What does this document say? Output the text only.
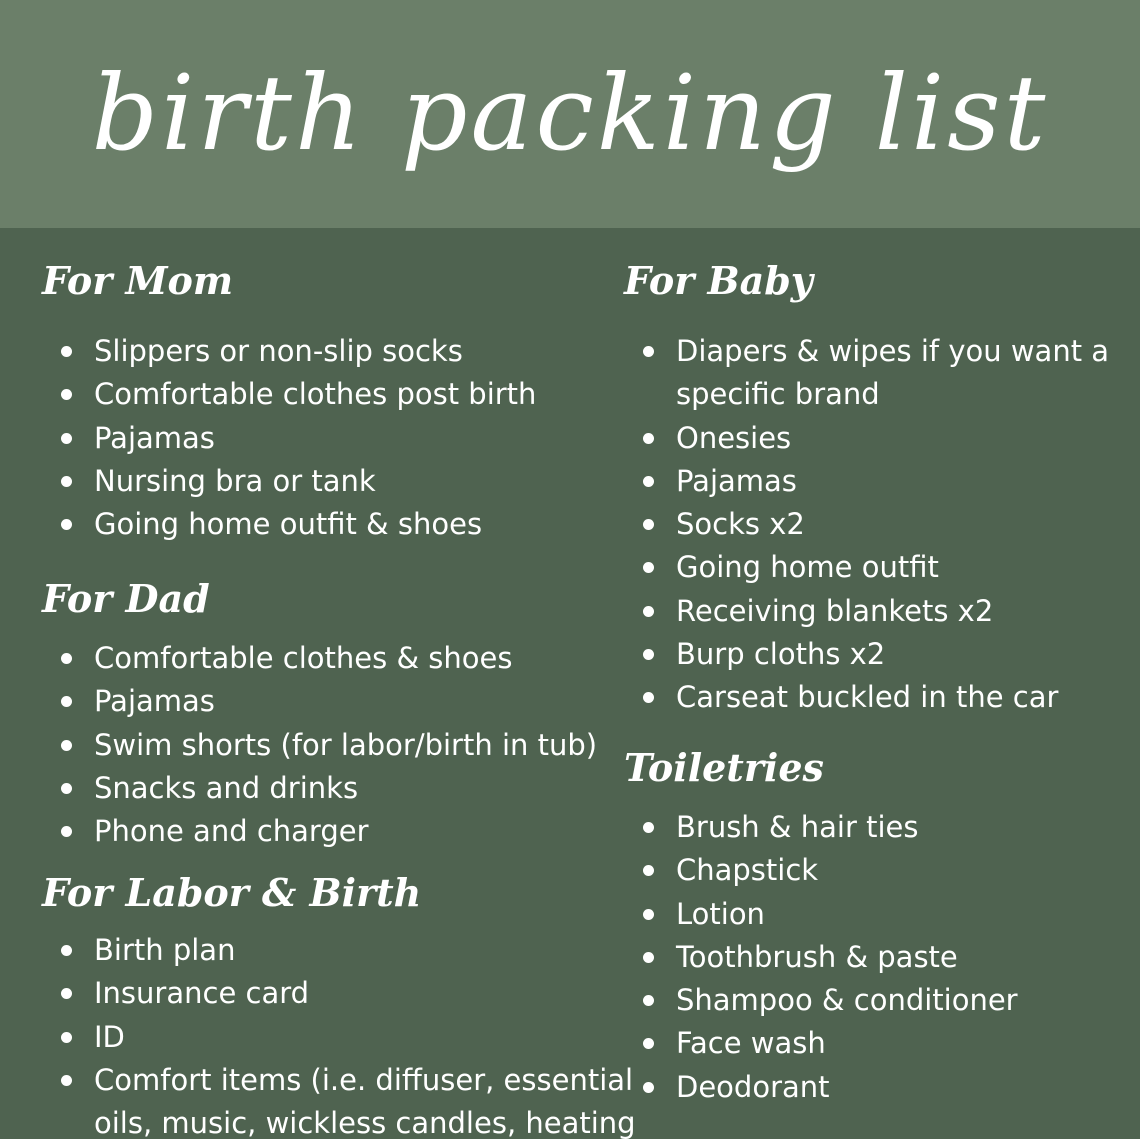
birth packing list
For Mom
Slippers or non-slip socks
Comfortable clothes post birth
Pajamas
Nursing bra or tank
Going home outfit & shoes
For Dad
Comfortable clothes & shoes
Pajamas
Swim shorts (for labor/birth in tub)
Snacks and drinks
Phone and charger
For Labor & Birth
Birth plan
Insurance card
ID
Comfort items (i.e. diffuser, essential
oils, music, wickless candles, heating
For Baby
Diapers & wipes if you want a
specific brand
Onesies
Pajamas
Socks x2
Going home outfit
Receiving blankets x2
Burp cloths x2
Carseat buckled in the car
Toiletries
Brush & hair ties
Chapstick
Lotion
Toothbrush & paste
Shampoo & conditioner
Face wash
Deodorant
